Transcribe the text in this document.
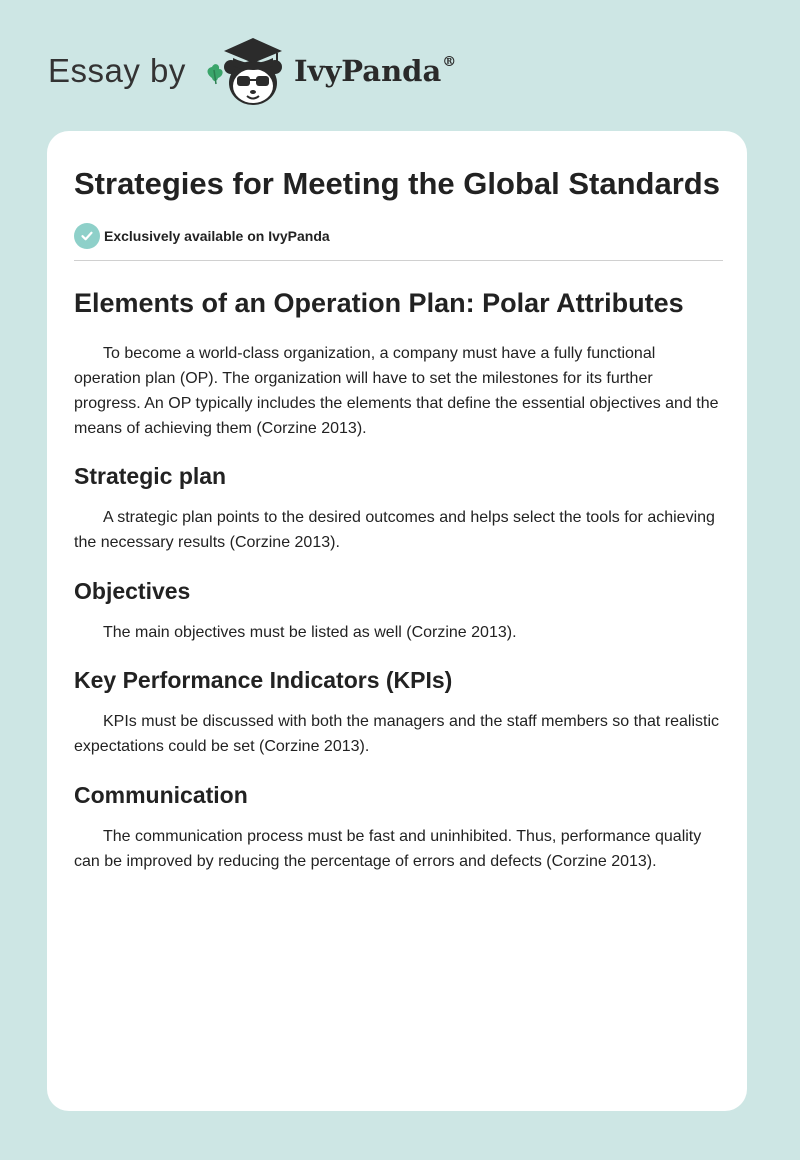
Essay by	IvyPanda®
Strategies for Meeting the Global Standards
Exclusively available on IvyPanda
Elements of an Operation Plan: Polar Attributes

To become a world-class organization, a company must have a fully functional operation plan (OP). The organization will have to set the milestones for its further progress. An OP typically includes the elements that define the essential objectives and the means of achieving them (Corzine 2013).

Strategic plan

A strategic plan points to the desired outcomes and helps select the tools for achieving the necessary results (Corzine 2013).

Objectives

The main objectives must be listed as well (Corzine 2013).

Key Performance Indicators (KPIs)

KPIs must be discussed with both the managers and the staff members so that realistic expectations could be set (Corzine 2013).

Communication

The communication process must be fast and uninhibited. Thus, performance quality can be improved by reducing the percentage of errors and defects (Corzine 2013).
